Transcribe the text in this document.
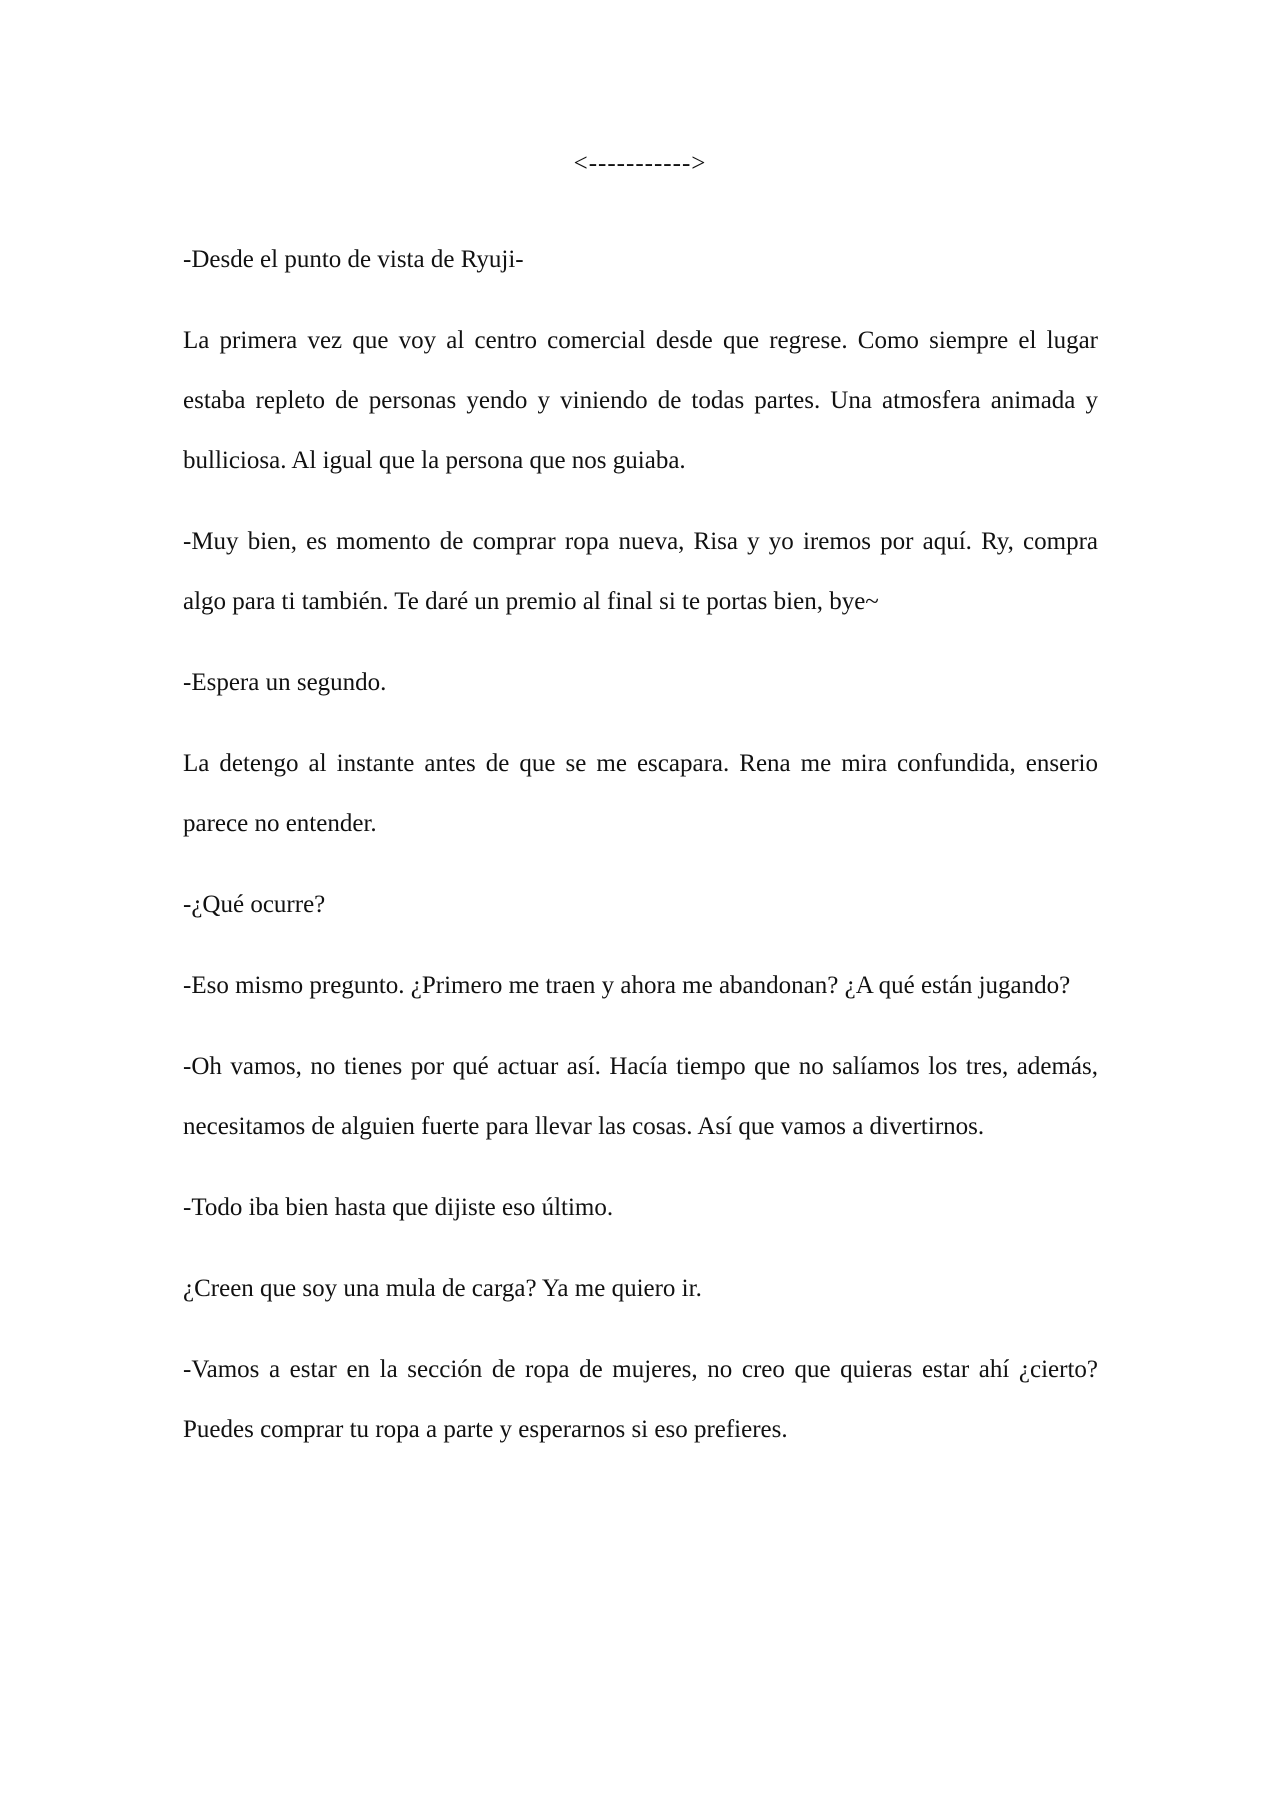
<----------->

-Desde el punto de vista de Ryuji-

La primera vez que voy al centro comercial desde que regrese. Como siempre el lugar estaba repleto de personas yendo y viniendo de todas partes. Una atmosfera animada y bulliciosa. Al igual que la persona que nos guiaba.

-Muy bien, es momento de comprar ropa nueva, Risa y yo iremos por aquí. Ry, compra algo para ti también. Te daré un premio al final si te portas bien, bye~

-Espera un segundo.

La detengo al instante antes de que se me escapara. Rena me mira confundida, enserio parece no entender.

-¿Qué ocurre?

-Eso mismo pregunto. ¿Primero me traen y ahora me abandonan? ¿A qué están jugando?

-Oh vamos, no tienes por qué actuar así. Hacía tiempo que no salíamos los tres, además, necesitamos de alguien fuerte para llevar las cosas. Así que vamos a divertirnos.

-Todo iba bien hasta que dijiste eso último.

¿Creen que soy una mula de carga? Ya me quiero ir.

-Vamos a estar en la sección de ropa de mujeres, no creo que quieras estar ahí ¿cierto? Puedes comprar tu ropa a parte y esperarnos si eso prefieres.
